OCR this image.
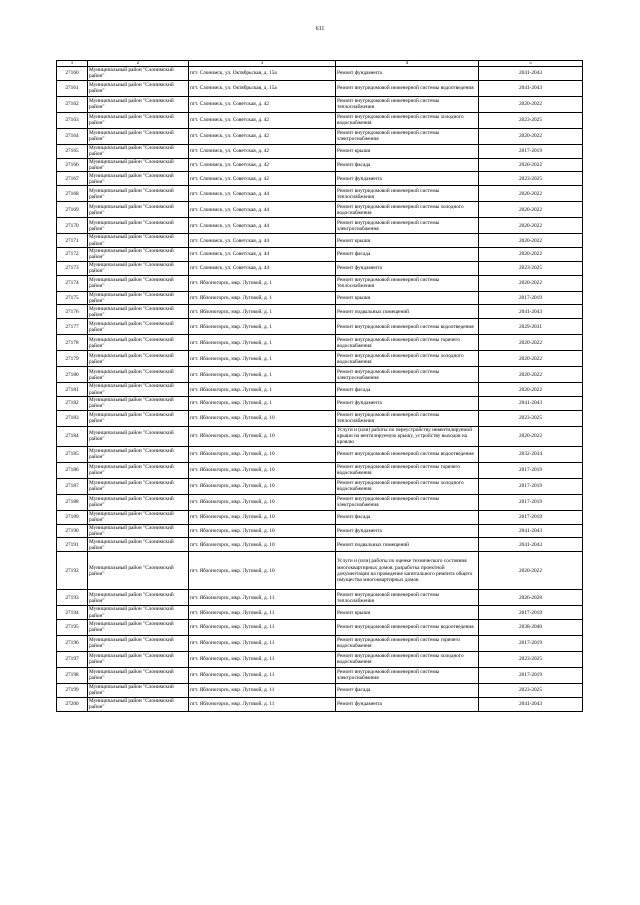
611
1	2	3	4	5
27160	Муниципальный район "Слонимский район"	пгт. Слонимск, ул. Октябрьская, д. 15а	Ремонт фундамента	2041-2043
27161	Муниципальный район "Слонимский район"	пгт. Слонимск, ул. Октябрьская, д. 15а	Ремонт внутридомовой инженерной системы водоотведения	2041-2043
27162	Муниципальный район "Слонимский район"	пгт. Слонимск, ул. Советская, д. 42	Ремонт внутридомовой инженерной системы теплоснабжения	2020-2022
27163	Муниципальный район "Слонимский район"	пгт. Слонимск, ул. Советская, д. 42	Ремонт внутридомовой инженерной системы холодного водоснабжения	2023-2025
27164	Муниципальный район "Слонимский район"	пгт. Слонимск, ул. Советская, д. 42	Ремонт внутридомовой инженерной системы электроснабжения	2020-2022
27165	Муниципальный район "Слонимский район"	пгт. Слонимск, ул. Советская, д. 42	Ремонт крыши	2017-2019
27166	Муниципальный район "Слонимский район"	пгт. Слонимск, ул. Советская, д. 42	Ремонт фасада	2020-2022
27167	Муниципальный район "Слонимский район"	пгт. Слонимск, ул. Советская, д. 42	Ремонт фундамента	2023-2025
27168	Муниципальный район "Слонимский район"	пгт. Слонимск, ул. Советская, д. 44	Ремонт внутридомовой инженерной системы теплоснабжения	2020-2022
27169	Муниципальный район "Слонимский район"	пгт. Слонимск, ул. Советская, д. 44	Ремонт внутридомовой инженерной системы холодного водоснабжения	2020-2022
27170	Муниципальный район "Слонимский район"	пгт. Слонимск, ул. Советская, д. 44	Ремонт внутридомовой инженерной системы электроснабжения	2020-2022
27171	Муниципальный район "Слонимский район"	пгт. Слонимск, ул. Советская, д. 44	Ремонт крыши	2020-2022
27172	Муниципальный район "Слонимский район"	пгт. Слонимск, ул. Советская, д. 44	Ремонт фасада	2020-2022
27173	Муниципальный район "Слонимский район"	пгт. Слонимск, ул. Советская, д. 44	Ремонт фундамента	2023-2025
27174	Муниципальный район "Слонимский район"	пгт. Яблоногорск, мкр. Луговой, д. 1	Ремонт внутридомовой инженерной системы теплоснабжения	2020-2022
27175	Муниципальный район "Слонимский район"	пгт. Яблоногорск, мкр. Луговой, д. 1	Ремонт крыши	2017-2019
27176	Муниципальный район "Слонимский район"	пгт. Яблоногорск, мкр. Луговой, д. 1	Ремонт подвальных помещений	2041-2043
27177	Муниципальный район "Слонимский район"	пгт. Яблоногорск, мкр. Луговой, д. 1	Ремонт внутридомовой инженерной системы водоотведения	2029-2031
27178	Муниципальный район "Слонимский район"	пгт. Яблоногорск, мкр. Луговой, д. 1	Ремонт внутридомовой инженерной системы горячего водоснабжения	2020-2022
27179	Муниципальный район "Слонимский район"	пгт. Яблоногорск, мкр. Луговой, д. 1	Ремонт внутридомовой инженерной системы холодного водоснабжения	2020-2022
27180	Муниципальный район "Слонимский район"	пгт. Яблоногорск, мкр. Луговой, д. 1	Ремонт внутридомовой инженерной системы электроснабжения	2020-2022
27181	Муниципальный район "Слонимский район"	пгт. Яблоногорск, мкр. Луговой, д. 1	Ремонт фасада	2020-2022
27182	Муниципальный район "Слонимский район"	пгт. Яблоногорск, мкр. Луговой, д. 1	Ремонт фундамента	2041-2043
27183	Муниципальный район "Слонимский район"	пгт. Яблоногорск, мкр. Луговой, д. 10	Ремонт внутридомовой инженерной системы теплоснабжения	2023-2025
27184	Муниципальный район "Слонимский район"	пгт. Яблоногорск, мкр. Луговой, д. 10	Услуги и (или) работы по переустройству невентилируемой крыши на вентилируемую крышу, устройству выходов на кровлю	2020-2022
27185	Муниципальный район "Слонимский район"	пгт. Яблоногорск, мкр. Луговой, д. 10	Ремонт внутридомовой инженерной системы водоотведения	2032-2034
27186	Муниципальный район "Слонимский район"	пгт. Яблоногорск, мкр. Луговой, д. 10	Ремонт внутридомовой инженерной системы горячего водоснабжения	2017-2019
27187	Муниципальный район "Слонимский район"	пгт. Яблоногорск, мкр. Луговой, д. 10	Ремонт внутридомовой инженерной системы холодного водоснабжения	2017-2019
27188	Муниципальный район "Слонимский район"	пгт. Яблоногорск, мкр. Луговой, д. 10	Ремонт внутридомовой инженерной системы электроснабжения	2017-2019
27189	Муниципальный район "Слонимский район"	пгт. Яблоногорск, мкр. Луговой, д. 10	Ремонт фасада	2017-2019
27190	Муниципальный район "Слонимский район"	пгт. Яблоногорск, мкр. Луговой, д. 10	Ремонт фундамента	2041-2043
27191	Муниципальный район "Слонимский район"	пгт. Яблоногорск, мкр. Луговой, д. 10	Ремонт подвальных помещений	2041-2043
27192	Муниципальный район "Слонимский район"	пгт. Яблоногорск, мкр. Луговой, д. 10	Услуги и (или) работы по оценке технического состояния многоквартирных домов, разработка проектной документации на проведение капитального ремонта общего имущества многоквартирных домов	2020-2022
27193	Муниципальный район "Слонимский район"	пгт. Яблоногорск, мкр. Луговой, д. 11	Ремонт внутридомовой инженерной системы теплоснабжения	2026-2028
27194	Муниципальный район "Слонимский район"	пгт. Яблоногорск, мкр. Луговой, д. 11	Ремонт крыши	2017-2019
27195	Муниципальный район "Слонимский район"	пгт. Яблоногорск, мкр. Луговой, д. 11	Ремонт внутридомовой инженерной системы водоотведения	2038-2040
27196	Муниципальный район "Слонимский район"	пгт. Яблоногорск, мкр. Луговой, д. 11	Ремонт внутридомовой инженерной системы горячего водоснабжения	2017-2019
27197	Муниципальный район "Слонимский район"	пгт. Яблоногорск, мкр. Луговой, д. 11	Ремонт внутридомовой инженерной системы холодного водоснабжения	2023-2025
27198	Муниципальный район "Слонимский район"	пгт. Яблоногорск, мкр. Луговой, д. 11	Ремонт внутридомовой инженерной системы электроснабжения	2017-2019
27199	Муниципальный район "Слонимский район"	пгт. Яблоногорск, мкр. Луговой, д. 11	Ремонт фасада	2023-2025
27200	Муниципальный район "Слонимский район"	пгт. Яблоногорск, мкр. Луговой, д. 11	Ремонт фундамента	2041-2043
